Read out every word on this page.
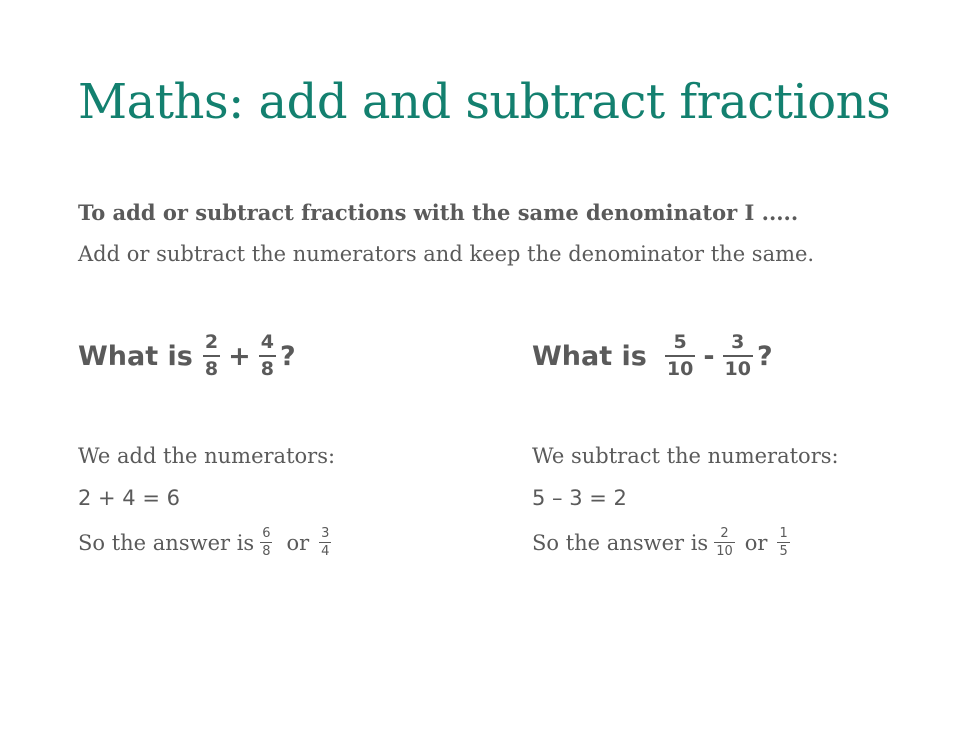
Maths: add and subtract fractions
To add or subtract fractions with the same denominator I .....
Add or subtract the numerators and keep the denominator the same.
What is $\frac{2}{8} + \frac{4}{8}$ ?
We add the numerators:
2 + 4 = 6
So the answer is $\frac{6}{8}$ or $\frac{3}{4}$
What is $\frac{5}{10} - \frac{3}{10}$ ?
We subtract the numerators:
5 – 3 = 2
So the answer is $\frac{2}{10}$ or $\frac{1}{5}$
